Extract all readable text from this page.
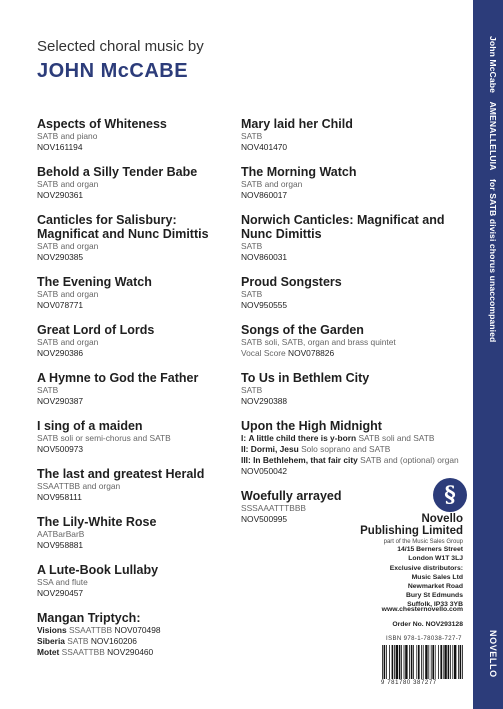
John McCabe AMENALLELUIA for SATB divisi chorus unaccompanied
NOVELLO
Selected choral music by
JOHN McCABE
Aspects of Whiteness
SATB and piano
NOV161194
Behold a Silly Tender Babe
SATB and organ
NOV290361
Canticles for Salisbury: Magnificat and Nunc Dimittis
SATB and organ
NOV290385
The Evening Watch
SATB and organ
NOV078771
Great Lord of Lords
SATB and organ
NOV290386
A Hymne to God the Father
SATB
NOV290387
I sing of a maiden
SATB soli or semi-chorus and SATB
NOV500973
The last and greatest Herald
SSAATTBB and organ
NOV958111
The Lily-White Rose
AATBarBarB
NOV958881
A Lute-Book Lullaby
SSA and flute
NOV290457
Mangan Triptych:
Visions SSAATTBB NOV070498
Siberia SATB NOV160206
Motet SSAATTBB NOV290460
Mary laid her Child
SATB
NOV401470
The Morning Watch
SATB and organ
NOV860017
Norwich Canticles: Magnificat and Nunc Dimittis
SATB
NOV860031
Proud Songsters
SATB
NOV950555
Songs of the Garden
SATB soli, SATB, organ and brass quintet
Vocal Score NOV078826
To Us in Bethlem City
SATB
NOV290388
Upon the High Midnight
I: A little child there is y-born SATB soli and SATB
II: Dormi, Jesu Solo soprano and SATB
III: In Bethlehem, that fair city SATB and (optional) organ
NOV050042
Woefully arrayed
SSSAAATTTBBB
NOV500995
§
Novello
Publishing Limited
part of the Music Sales Group
14/15 Berners Street
London W1T 3LJ
Exclusive distributors:
Music Sales Ltd
Newmarket Road
Bury St Edmunds
Suffolk, IP33 3YB
www.chesternovello.com
Order No. NOV293128
ISBN 978-1-78038-727-7
9 781780 387277
